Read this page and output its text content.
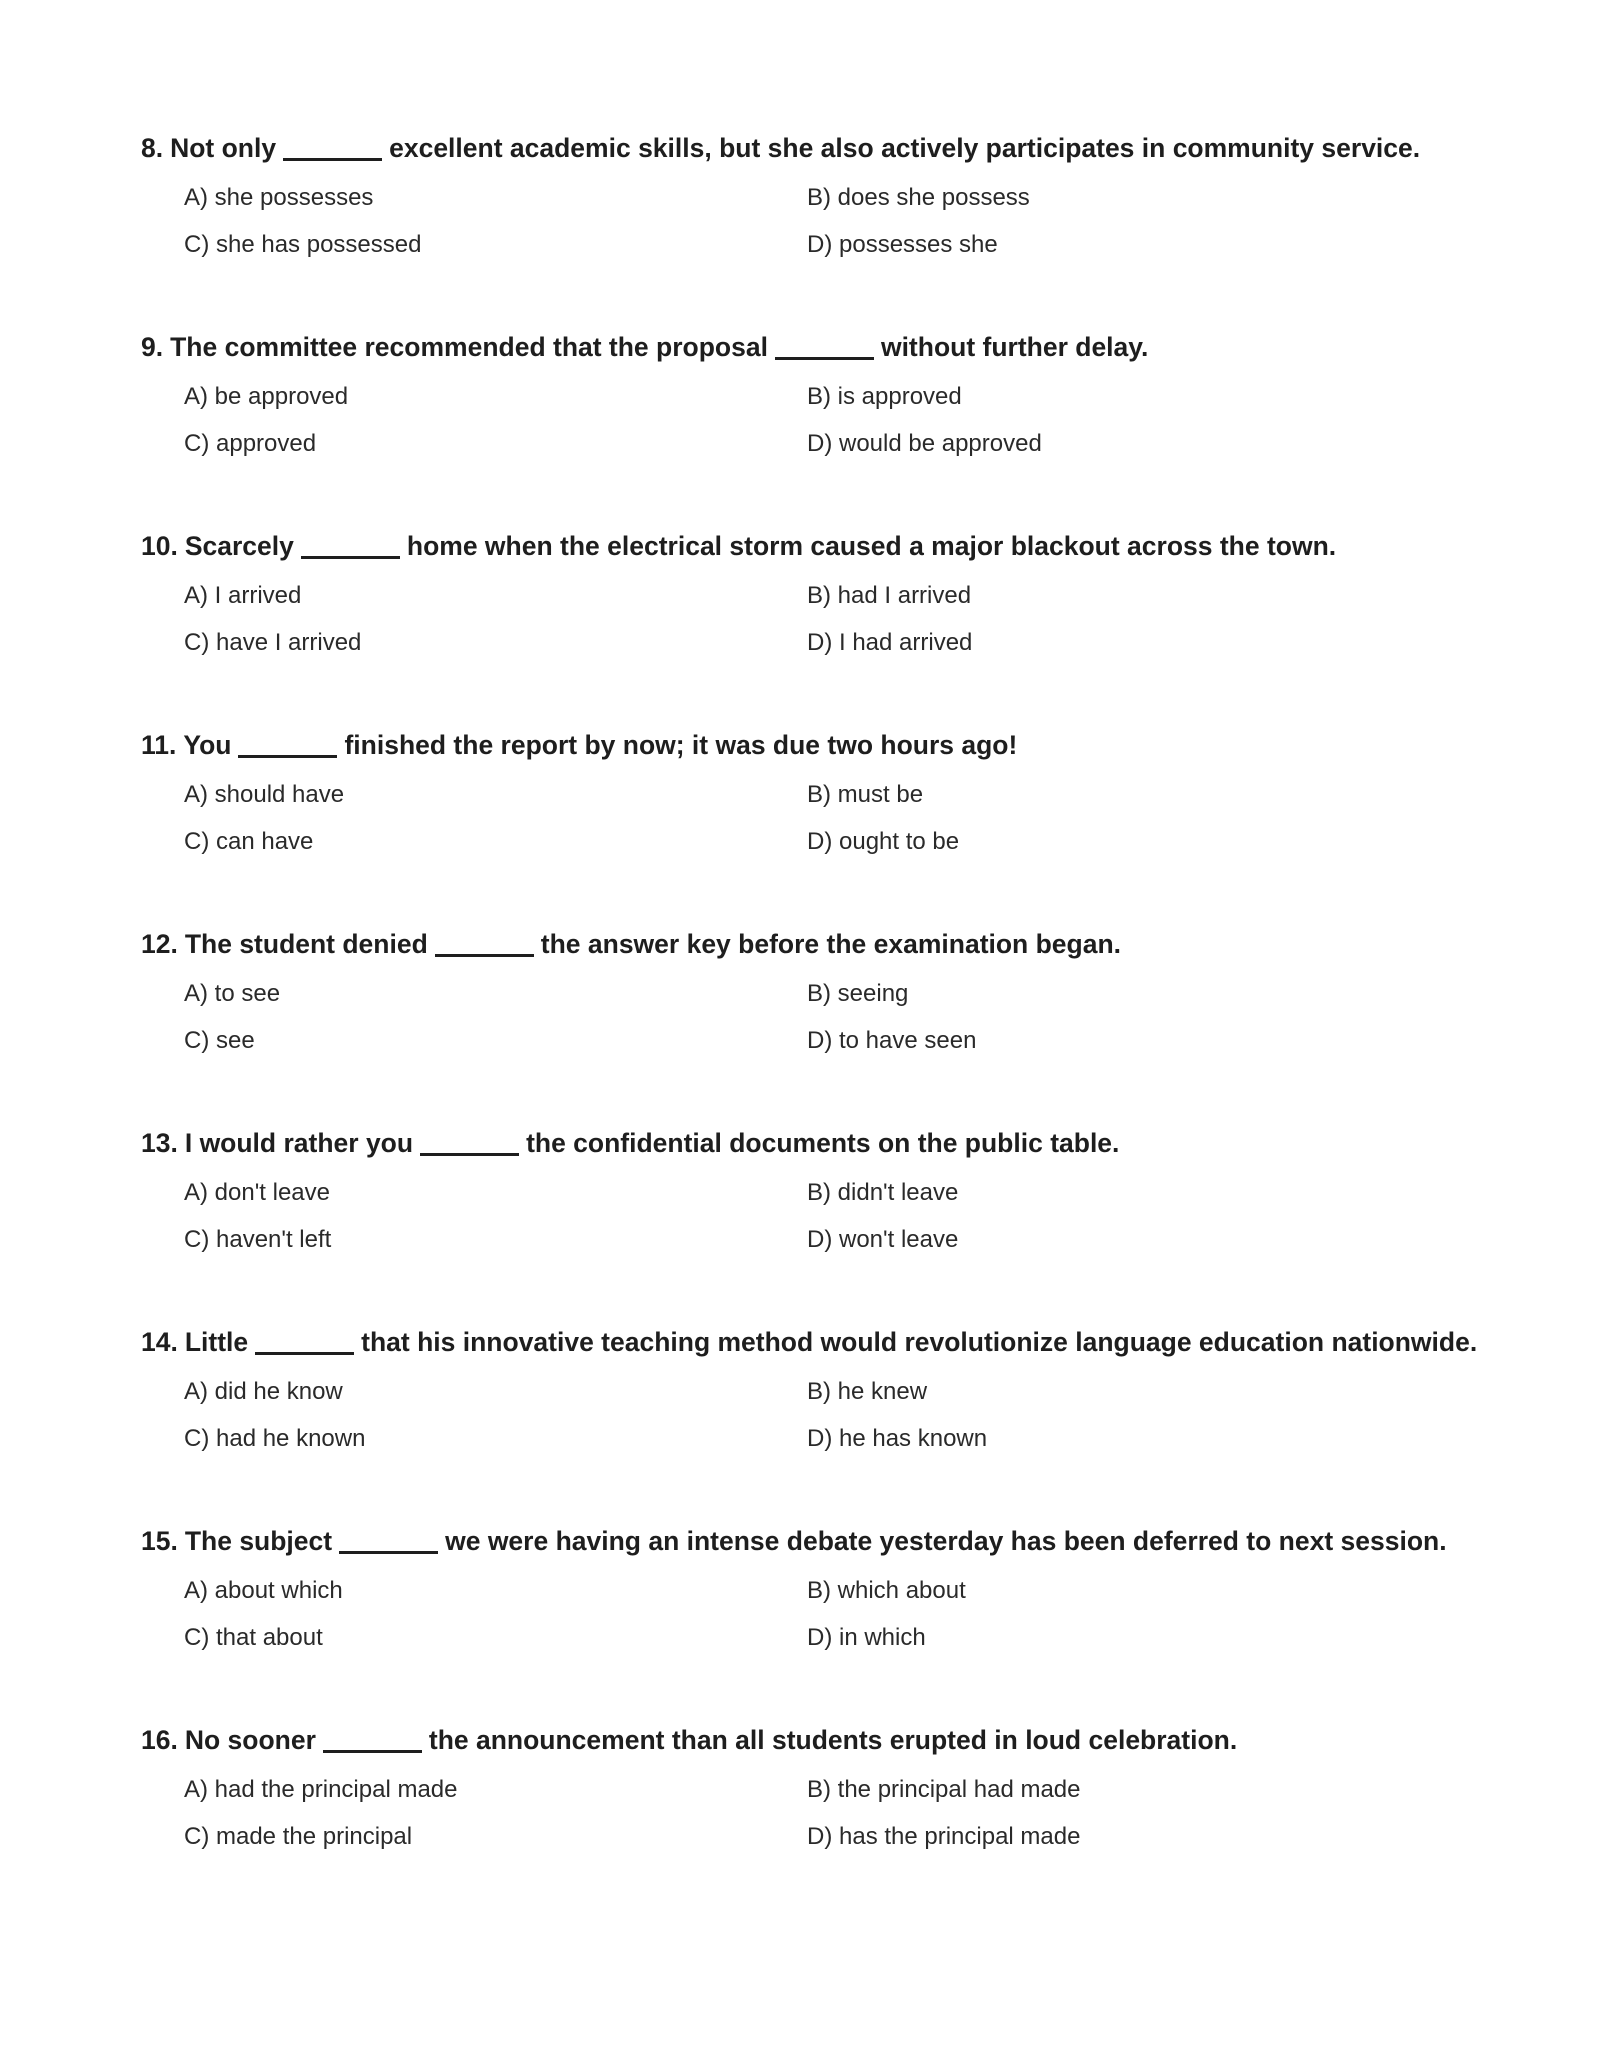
8. Not only	excellent academic skills, but she also actively participates in community service.
A) she possesses	B) does she possess
C) she has possessed	D) possesses she
9. The committee recommended that the proposal	without further delay.
A) be approved	B) is approved
C) approved	D) would be approved
10. Scarcely	home when the electrical storm caused a major blackout across the town.
A) I arrived	B) had I arrived
C) have I arrived	D) I had arrived
11. You	finished the report by now; it was due two hours ago!
A) should have	B) must be
C) can have	D) ought to be
12. The student denied	the answer key before the examination began.
A) to see	B) seeing
C) see	D) to have seen
13. I would rather you	the confidential documents on the public table.
A) don't leave	B) didn't leave
C) haven't left	D) won't leave
14. Little	that his innovative teaching method would revolutionize language education nationwide.
A) did he know	B) he knew
C) had he known	D) he has known
15. The subject	we were having an intense debate yesterday has been deferred to next session.
A) about which	B) which about
C) that about	D) in which
16. No sooner	the announcement than all students erupted in loud celebration.
A) had the principal made	B) the principal had made
C) made the principal	D) has the principal made
